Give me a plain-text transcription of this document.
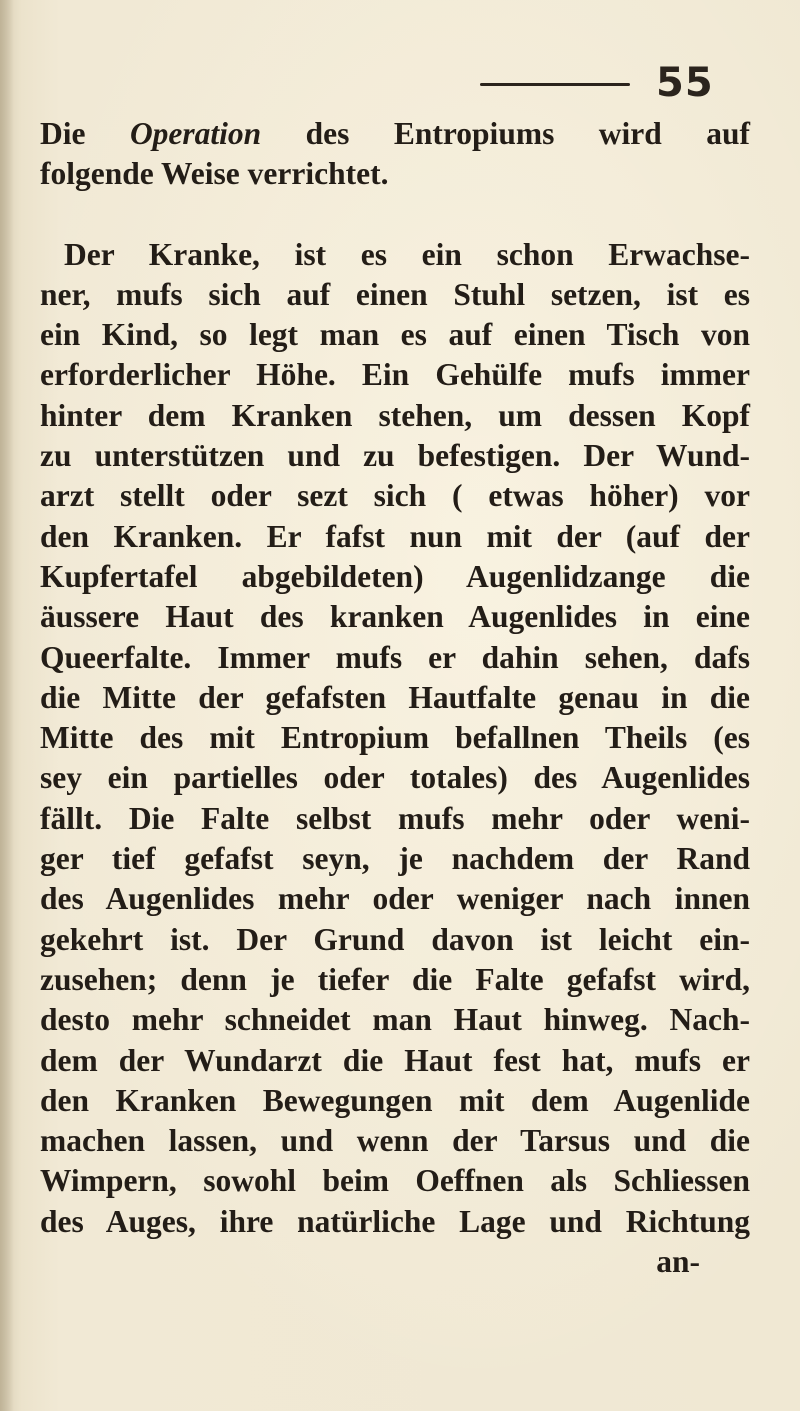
55
Die Operation des Entropiums wird auf
folgende Weise verrichtet.
Der Kranke, ist es ein schon Erwachse-
ner, mufs sich auf einen Stuhl setzen, ist es
ein Kind, so legt man es auf einen Tisch von
erforderlicher Höhe. Ein Gehülfe mufs immer
hinter dem Kranken stehen, um dessen Kopf
zu unterstützen und zu befestigen. Der Wund-
arzt stellt oder sezt sich ( etwas höher) vor
den Kranken. Er fafst nun mit der (auf der
Kupfertafel abgebildeten) Augenlidzange die
äussere Haut des kranken Augenlides in eine
Queerfalte. Immer mufs er dahin sehen, dafs
die Mitte der gefafsten Hautfalte genau in die
Mitte des mit Entropium befallnen Theils (es
sey ein partielles oder totales) des Augenlides
fällt. Die Falte selbst mufs mehr oder weni-
ger tief gefafst seyn, je nachdem der Rand
des Augenlides mehr oder weniger nach innen
gekehrt ist. Der Grund davon ist leicht ein-
zusehen; denn je tiefer die Falte gefafst wird,
desto mehr schneidet man Haut hinweg. Nach-
dem der Wundarzt die Haut fest hat, mufs er
den Kranken Bewegungen mit dem Augenlide
machen lassen, und wenn der Tarsus und die
Wimpern, sowohl beim Oeffnen als Schliessen
des Auges, ihre natürliche Lage und Richtung
an-
